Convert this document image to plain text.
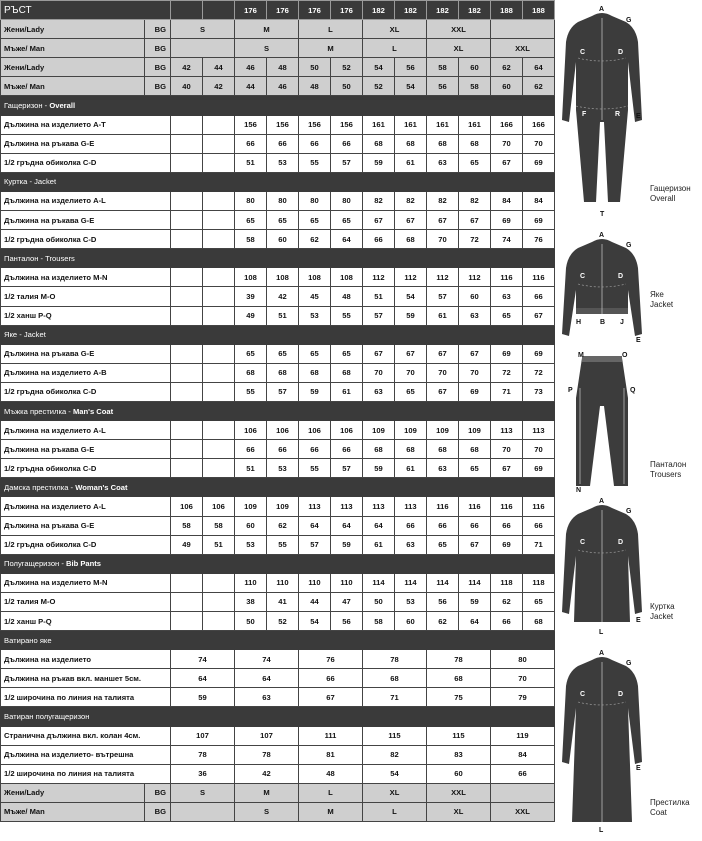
РЪСТ				176	176	176	176	182	182	182	182	188	188
Жени/Lady	BG	S		M		L		XL		XXL			
Мъже/ Man	BG			S		M		L		XL		XXL	
Жени/Lady	BG	42	44	46	48	50	52	54	56	58	60	62	64
Мъже/ Man	BG	40	42	44	46	48	50	52	54	56	58	60	62
Гащеризон - Overall													
Дължина на изделието А-Т				156	156	156	156	161	161	161	161	166	166
Дължина на ръкава G-E				66	66	66	66	68	68	68	68	70	70
1/2 гръдна обиколка C-D				51	53	55	57	59	61	63	65	67	69
Куртка - Jacket													
Дължина на изделието А-L				80	80	80	80	82	82	82	82	84	84
Дължина на ръкава G-E				65	65	65	65	67	67	67	67	69	69
1/2 гръдна обиколка C-D				58	60	62	64	66	68	70	72	74	76
Панталон - Trousers													
Дължина на изделието M-N				108	108	108	108	112	112	112	112	116	116
1/2 талия M-O				39	42	45	48	51	54	57	60	63	66
1/2 ханш P-Q				49	51	53	55	57	59	61	63	65	67
Яке - Jacket													
Дължина на ръкава G-E				65	65	65	65	67	67	67	67	69	69
Дължина на изделието А-B				68	68	68	68	70	70	70	70	72	72
1/2 гръдна обиколка C-D				55	57	59	61	63	65	67	69	71	73
Мъжка престилка - Man's Coat													
Дължина на изделието А-L				106	106	106	106	109	109	109	109	113	113
Дължина на ръкава G-E				66	66	66	66	68	68	68	68	70	70
1/2 гръдна обиколка C-D				51	53	55	57	59	61	63	65	67	69
Дамска престилка - Woman's Coat													
Дължина на изделието А-L		106	106	109	109	113	113	113	113	116	116	116	116
Дължина на ръкава G-E		58	58	60	62	64	64	64	66	66	66	66	66
1/2 гръдна обиколка C-D		49	51	53	55	57	59	61	63	65	67	69	71
Полугащеризон - Bib Pants													
Дължина на изделието M-N				110	110	110	110	114	114	114	114	118	118
1/2 талия M-O				38	41	44	47	50	53	56	59	62	65
1/2 ханш P-Q				50	52	54	56	58	60	62	64	66	68
Ватирано яке													
Дължина на изделието		74		74		76		78		78		80	
Дължина на ръкав вкл. маншет 5см.		64		64		66		68		68		70	
1/2 широчина по линия на талията		59		63		67		71		75		79	
Ватиран полугащеризон													
Странична дължина вкл. колан 4см.		107		107		111		115		115		119	
Дължина на изделието- вътрешна		78		78		81		82		83		84	
1/2 широчина по линия на талията		36		42		48		54		60		66	
Жени/Lady	BG	S		M		L		XL		XXL			
Мъже/ Man	BG			S		M		L		XL		XXL	
A
G
C	D
E
F	R
T
Гащеризон
Overall
A
G
C	D
H	B J
E
Яке
Jacket
M	O
P	Q
N
Панталон
Trousers
A
G
C	D
E
L
Куртка
Jacket
A
G
C	D
E
L
Престилка
Coat
